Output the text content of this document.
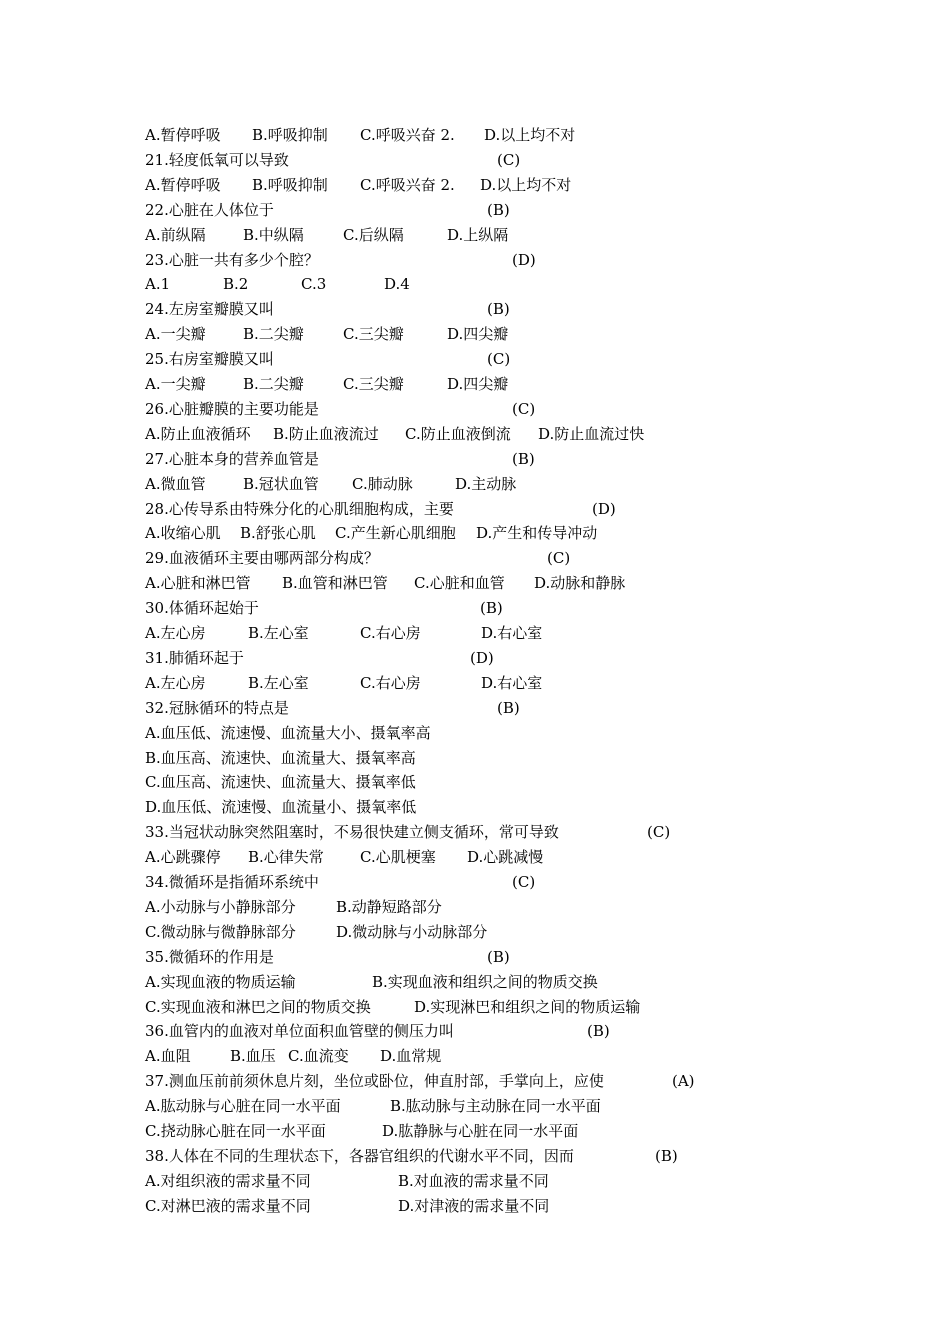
A.暂停呼吸 B.呼吸抑制 C.呼吸兴奋 2. D.以上均不对
21.轻度低氧可以导致	(C)
A.暂停呼吸 B.呼吸抑制 C.呼吸兴奋 2. D.以上均不对
22.心脏在人体位于	(B)
A.前纵隔 B.中纵隔	C.后纵隔	D.上纵隔
23.心脏一共有多少个腔？	(D)
A.1	B.2	C.3	D.4
24.左房室瓣膜又叫	(B)
A.一尖瓣 B.二尖瓣	C.三尖瓣	D.四尖瓣
25.右房室瓣膜又叫	(C)
A.一尖瓣 B.二尖瓣	C.三尖瓣	D.四尖瓣
26.心脏瓣膜的主要功能是	(C)
A.防止血液循环 B.防止血液流过 C.防止血液倒流 D.防止血流过快
27.心脏本身的营养血管是	(B)
A.微血管 B.冠状血管 C.肺动脉	D.主动脉
28.心传导系由特殊分化的心肌细胞构成，主要	(D)
A.收缩心肌 B.舒张心肌 C.产生新心肌细胞 D.产生和传导冲动
29.血液循环主要由哪两部分构成？	(C)
A.心脏和淋巴管 B.血管和淋巴管 C.心脏和血管 D.动脉和静脉
30.体循环起始于	(B)
A.左心房	B.左心室	C.右心房	D.右心室
31.肺循环起于	(D)
A.左心房	B.左心室	C.右心房	D.右心室
32.冠脉循环的特点是	(B)
A.血压低、流速慢、血流量大小、摄氧率高
B.血压高、流速快、血流量大、摄氧率高
C.血压高、流速快、血流量大、摄氧率低
D.血压低、流速慢、血流量小、摄氧率低
33.当冠状动脉突然阻塞时，不易很快建立侧支循环，常可导致	(C)
A.心跳骤停 B.心律失常 C.心肌梗塞 D.心跳减慢
34.微循环是指循环系统中	(C)
A.小动脉与小静脉部分	B.动静短路部分
C.微动脉与微静脉部分	D.微动脉与小动脉部分
35.微循环的作用是	(B)
A.实现血液的物质运输	B.实现血液和组织之间的物质交换
C.实现血液和淋巴之间的物质交换	D.实现淋巴和组织之间的物质运输
36.血管内的血液对单位面积血管壁的侧压力叫	(B)
A.血阻	B.血压 C.血流变 D.血常规
37.测血压前前须休息片刻，坐位或卧位，伸直肘部，手掌向上，应使	(A)
A.肱动脉与心脏在同一水平面	B.肱动脉与主动脉在同一水平面
C.挠动脉心脏在同一水平面	D.肱静脉与心脏在同一水平面
38.人体在不同的生理状态下，各器官组织的代谢水平不同，因而	(B)
A.对组织液的需求量不同	B.对血液的需求量不同
C.对淋巴液的需求量不同	D.对津液的需求量不同
